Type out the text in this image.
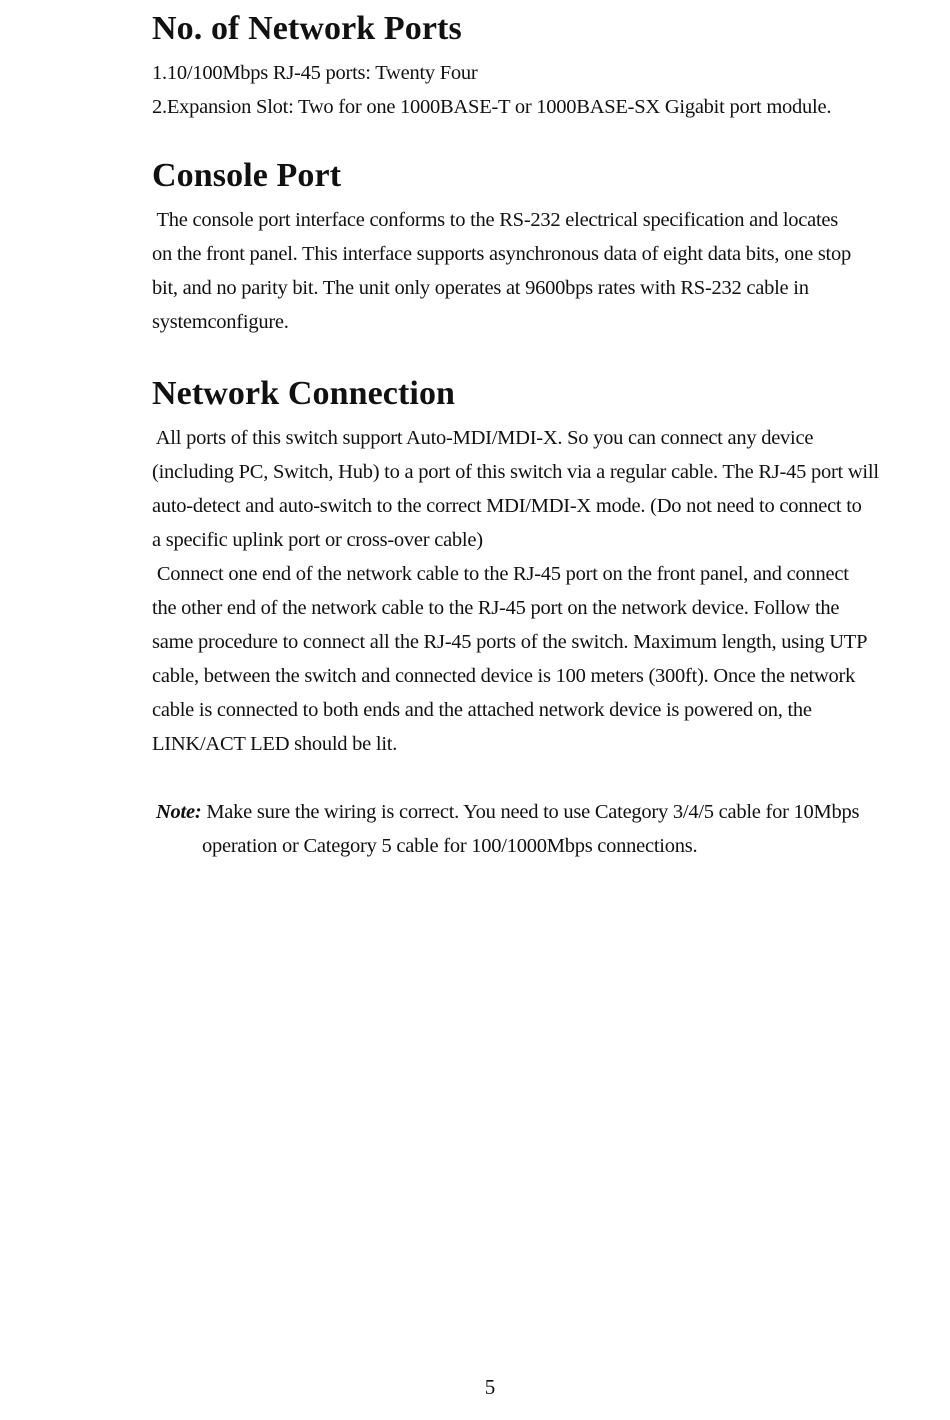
No. of Network Ports
1.10/100Mbps RJ-45 ports: Twenty Four
2.Expansion Slot: Two for one 1000BASE-T or 1000BASE-SX Gigabit port module.
Console Port
The console port interface conforms to the RS-232 electrical specification and locates
on the front panel. This interface supports asynchronous data of eight data bits, one stop
bit, and no parity bit. The unit only operates at 9600bps rates with RS-232 cable in
systemconfigure.
Network Connection
All ports of this switch support Auto-MDI/MDI-X. So you can connect any device
(including PC, Switch, Hub) to a port of this switch via a regular cable. The RJ-45 port will
auto-detect and auto-switch to the correct MDI/MDI-X mode. (Do not need to connect to
a specific uplink port or cross-over cable)
Connect one end of the network cable to the RJ-45 port on the front panel, and connect
the other end of the network cable to the RJ-45 port on the network device. Follow the
same procedure to connect all the RJ-45 ports of the switch. Maximum length, using UTP
cable, between the switch and connected device is 100 meters (300ft). Once the network
cable is connected to both ends and the attached network device is powered on, the
LINK/ACT LED should be lit.
Note: Make sure the wiring is correct. You need to use Category 3/4/5 cable for 10Mbps
operation or Category 5 cable for 100/1000Mbps connections.
5
